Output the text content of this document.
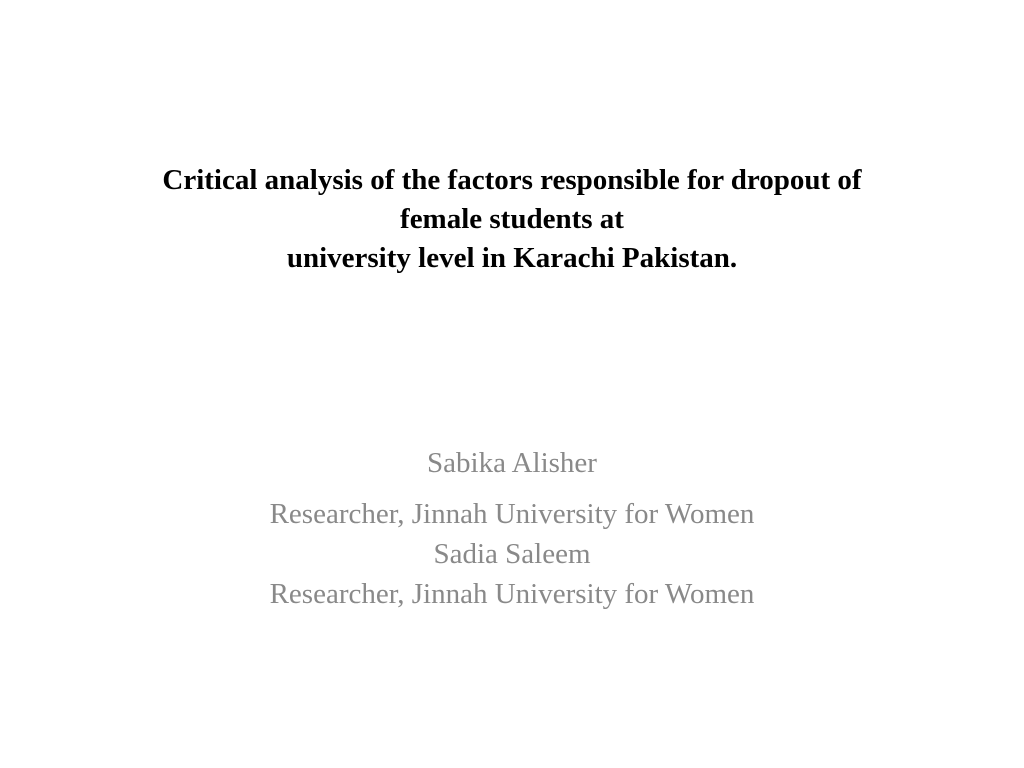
Critical analysis of the factors responsible for dropout of
female students at
university level in Karachi Pakistan.
Sabika Alisher
Researcher, Jinnah University for Women
Sadia Saleem
Researcher, Jinnah University for Women
